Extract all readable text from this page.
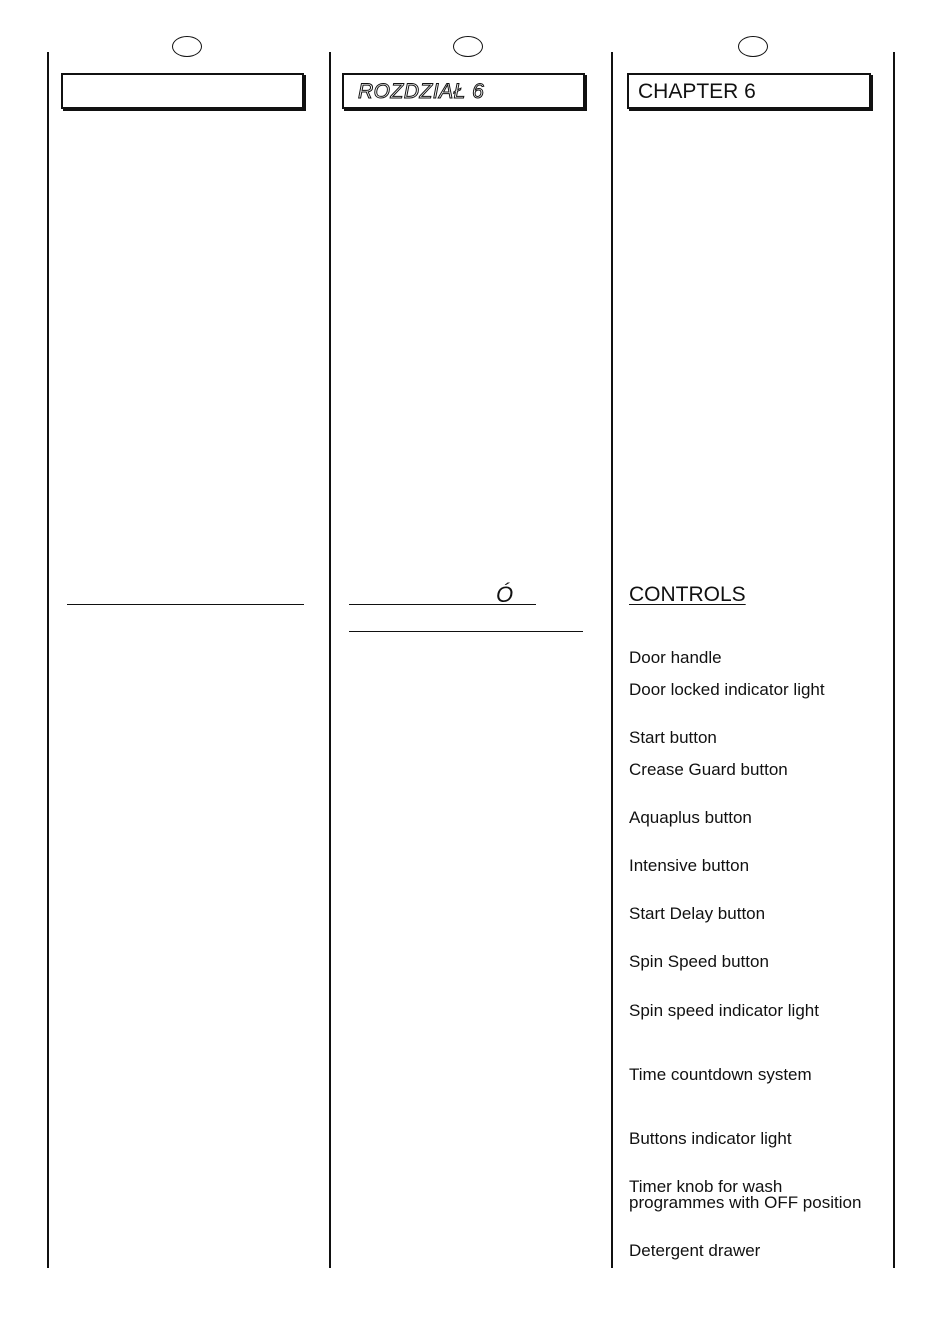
ROZDZIAŁ 6	CHAPTER 6
Ó	CONTROLS
Door handle
Door locked indicator light
Start button
Crease Guard button
Aquaplus button
Intensive button
Start Delay button
Spin Speed button
Spin speed indicator light
Time countdown system
Buttons indicator light
Timer knob for wash
programmes with OFF position
Detergent drawer
